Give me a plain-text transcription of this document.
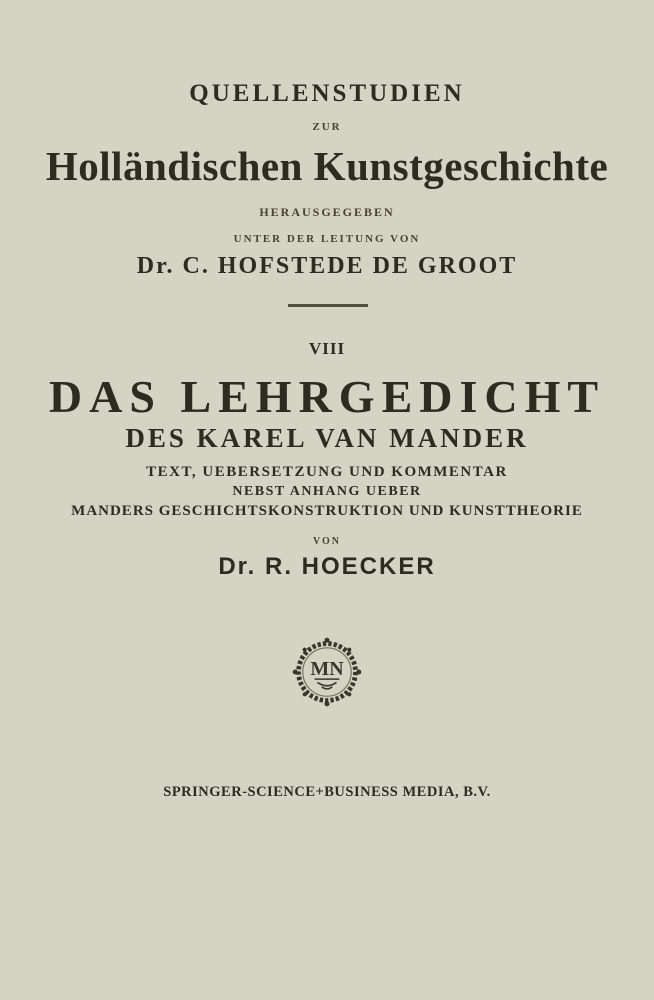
QUELLENSTUDIEN
ZUR
Holländischen Kunstgeschichte
HERAUSGEGEBEN
UNTER DER LEITUNG VON
Dr. C. HOFSTEDE DE GROOT
VIII
DAS LEHRGEDICHT
DES KAREL VAN MANDER
TEXT, UEBERSETZUNG UND KOMMENTAR
NEBST ANHANG UEBER
MANDERS GESCHICHTSKONSTRUKTION UND KUNSTTHEORIE
VON
Dr. R. HOECKER
MN
SPRINGER-SCIENCE+BUSINESS MEDIA, B.V.
